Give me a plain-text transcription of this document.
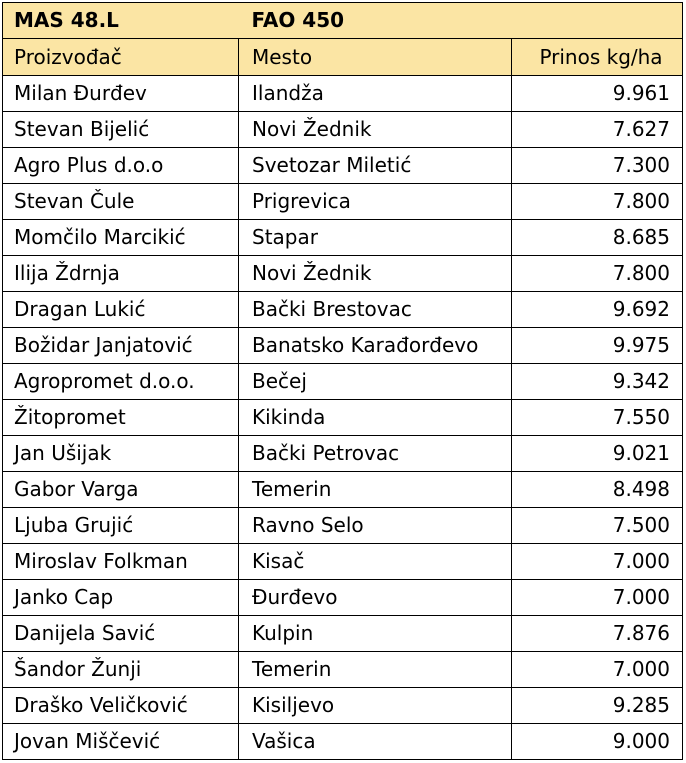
MAS 48.L	FAO 450	
Proizvođač	Mesto	Prinos kg/ha
Milan Đurđev	Ilandža	9.961
Stevan Bijelić	Novi Žednik	7.627
Agro Plus d.o.o	Svetozar Miletić	7.300
Stevan Čule	Prigrevica	7.800
Momčilo Marcikić	Stapar	8.685
Ilija Ždrnja	Novi Žednik	7.800
Dragan Lukić	Bački Brestovac	9.692
Božidar Janjatović	Banatsko Karađorđevo	9.975
Agropromet d.o.o.	Bečej	9.342
Žitopromet	Kikinda	7.550
Jan Ušijak	Bački Petrovac	9.021
Gabor Varga	Temerin	8.498
Ljuba Grujić	Ravno Selo	7.500
Miroslav Folkman	Kisač	7.000
Janko Cap	Đurđevo	7.000
Danijela Savić	Kulpin	7.876
Šandor Žunji	Temerin	7.000
Draško Veličković	Kisiljevo	9.285
Jovan Miščević	Vašica	9.000
